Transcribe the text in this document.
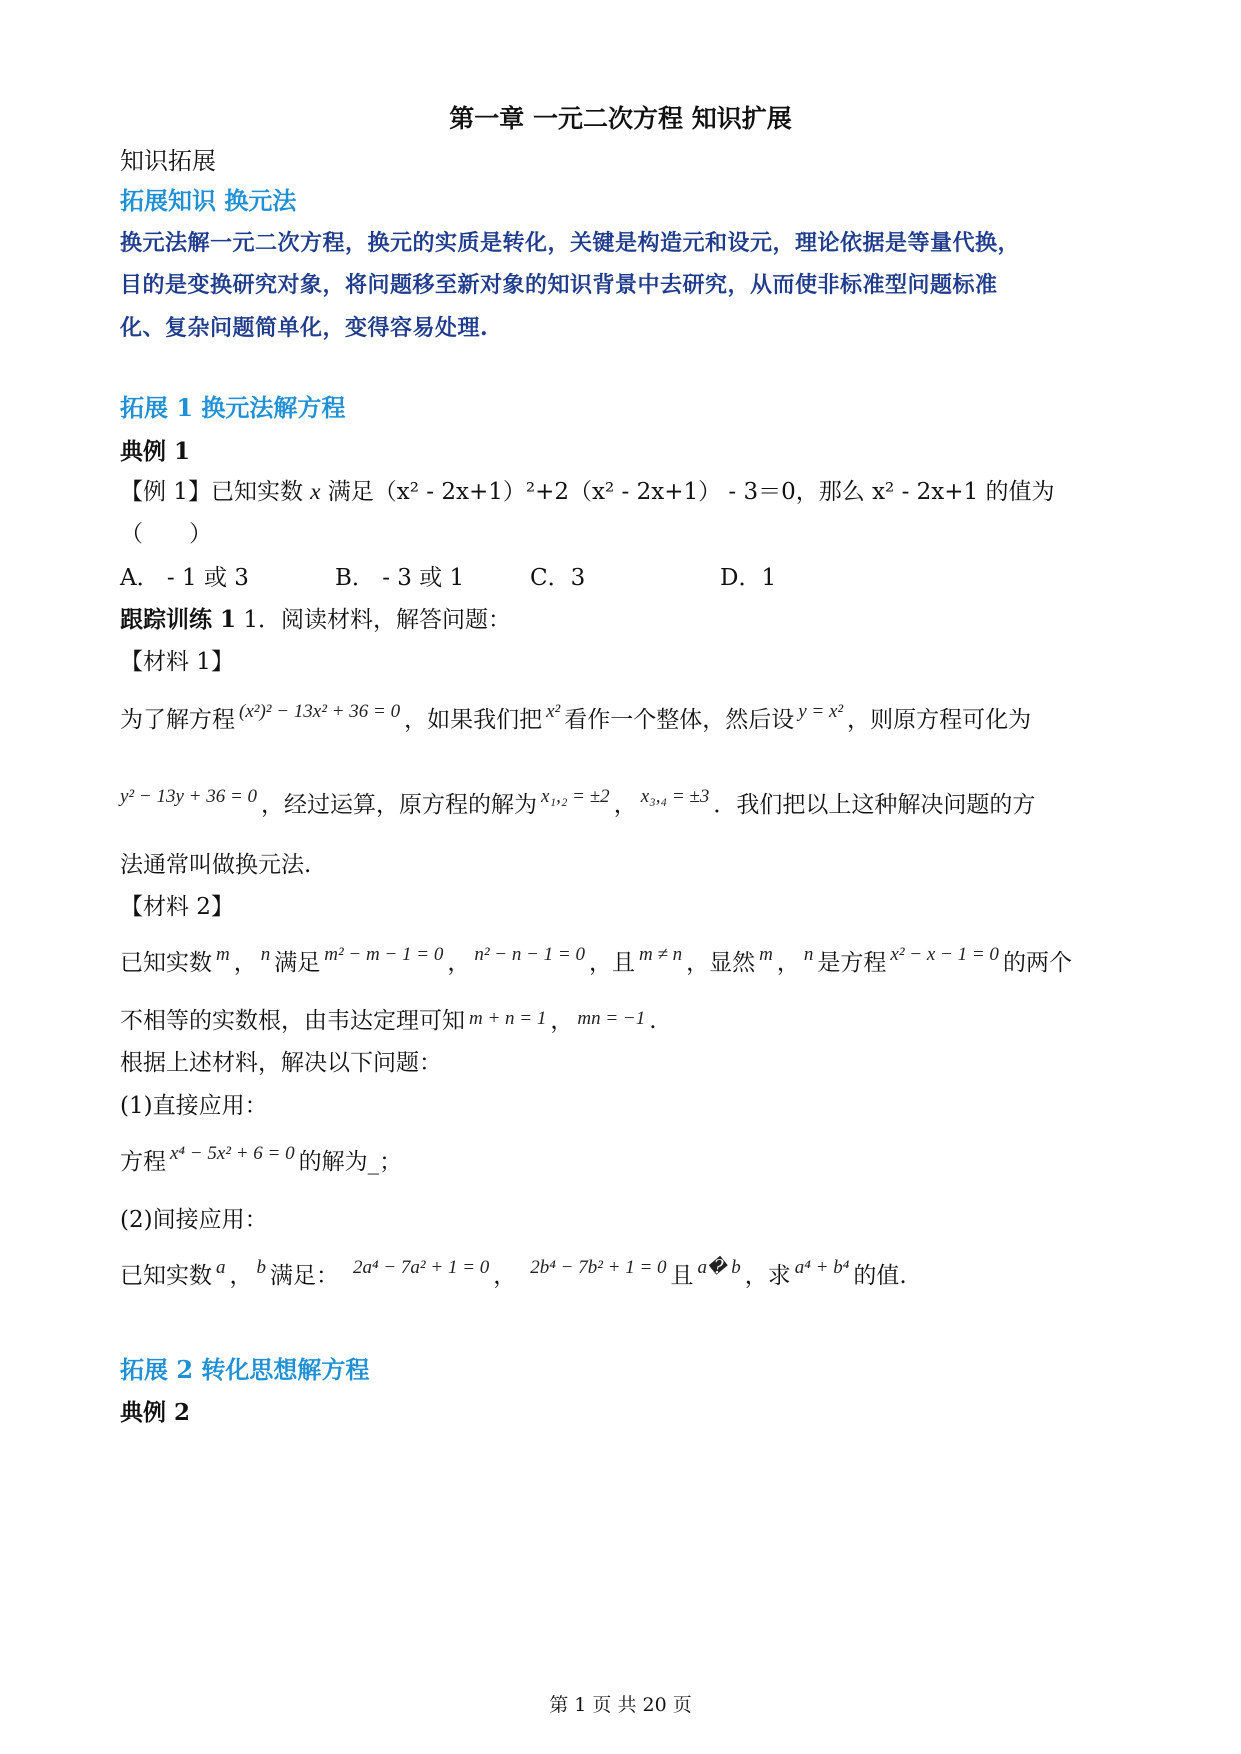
第一章 一元二次方程 知识扩展
知识拓展
拓展知识 换元法
换元法解一元二次方程，换元的实质是转化，关键是构造元和设元，理论依据是等量代换，
目的是变换研究对象，将问题移至新对象的知识背景中去研究，从而使非标准型问题标准
化、复杂问题简单化，变得容易处理.
拓展 1 换元法解方程
典例 1
【例 1】已知实数 x 满足（x² - 2x+1）²+2（x² - 2x+1） - 3＝0，那么 x² - 2x+1 的值为
（　　）
A． - 1 或 3	B． - 3 或 1	C．3	D．1
跟踪训练 1 1．阅读材料，解答问题：
【材料 1】
为了解方程 $^{(x^2)^2 - 13x^2 + 36 = 0}$ ，如果我们把 $^{x^2}$ 看作一个整体，然后设 $^{y = x^2}$ ，则原方程可化为
$^{y^2 - 13y + 36 = 0}$ ，经过运算，原方程的解为 $^{x_1,_2 = \pm 2}$ ， $^{x_3,_4 = \pm 3}$ ．我们把以上这种解决问题的方
法通常叫做换元法.
【材料 2】
已知实数 $^m$ ， $^n$ 满足 $^{m^2 - m - 1 = 0}$ ， $^{n^2 - n - 1 = 0}$ ，且 $^{m \ne n}$ ，显然 $^m$ ， $^n$ 是方程 $^{x^2 - x - 1 = 0}$ 的两个
不相等的实数根，由韦达定理可知 m + n = 1 ， mn = −1 .
根据上述材料，解决以下问题：
(1)直接应用：
方程 $^{x^4 - 5x^2 + 6 = 0}$ 的解为_；
(2)间接应用：
已知实数 $^a$ ， $^b$ 满足： $^{2a^4 - 7a^2 + 1 = 0}$ ， $^{2b^4 - 7b^2 + 1 = 0}$ 且 $^{a� b}$ ，求 $^{a^4 + b^4}$ 的值.
拓展 2 转化思想解方程
典例 2
第 1 页 共 20 页
